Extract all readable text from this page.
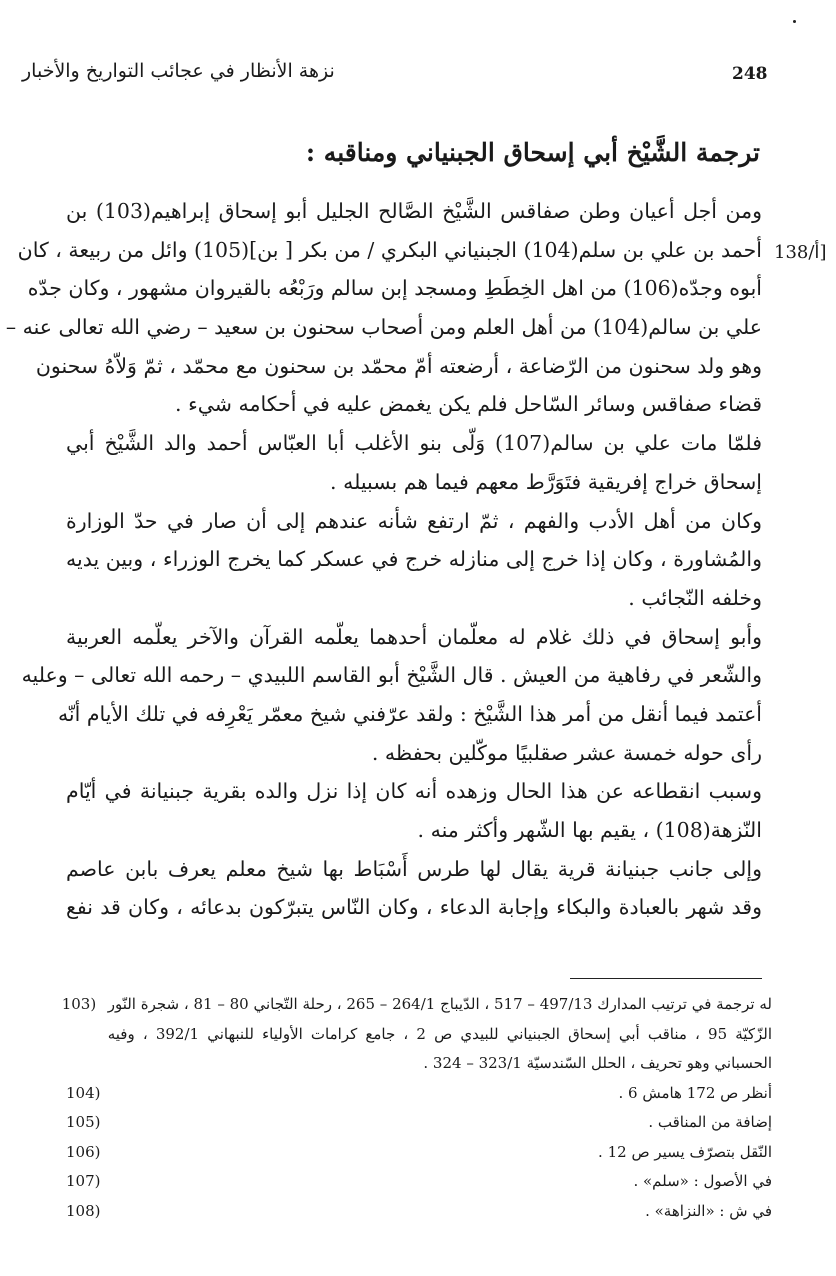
نزهة الأنظار في عجائب التواريخ والأخبار	248
ترجمة الشَّيْخ أبي إسحاق الجبنياني ومناقبه :
138/أ]
ومن أجل أعيان وطن صفاقس الشَّيْخ الصَّالح الجليل أبو إسحاق إبراهيم(103) بن
أحمد بن علي بن سلم(104) الجبنياني البكري / من بكر [ بن](105) وائل من ربيعة ، كان
أبوه وجدّه(106) من اهل الخِطَطِ ومسجد إبن سالم ورَبْعُه بالقيروان مشهور ، وكان جدّه
علي بن سالم(104) من أهل العلم ومن أصحاب سحنون بن سعيد – رضي الله تعالى عنه –
وهو ولد سحنون من الرّضاعة ، أرضعته أمّ محمّد بن سحنون مع محمّد ، ثمّ وَلاّهُ سحنون
قضاء صفاقس وسائر السّاحل فلم يكن يغمض عليه في أحكامه شيء .
فلمّا مات علي بن سالم(107) وَلّى بنو الأغلب أبا العبّاس أحمد والد الشَّيْخ أبي
إسحاق خراج إفريقية فتَوَرَّط معهم فيما هم بسبيله .
وكان من أهل الأدب والفهم ، ثمّ ارتفع شأنه عندهم إلى أن صار في حدّ الوزارة
والمُشاورة ، وكان إذا خرج إلى منازله خرج في عسكر كما يخرج الوزراء ، وبين يديه
وخلفه النّجائب .
وأبو إسحاق في ذلك غلام له معلّمان أحدهما يعلّمه القرآن والآخر يعلّمه العربية
والشّعر في رفاهية من العيش . قال الشَّيْخ أبو القاسم اللبيدي – رحمه الله تعالى – وعليه
أعتمد فيما أنقل من أمر هذا الشَّيْخ : ولقد عرّفني شيخ معمّر يَعْرِفه في تلك الأيام أنّه
رأى حوله خمسة عشر صقلبيًا موكّلين بحفظه .
وسبب انقطاعه عن هذا الحال وزهده أنه كان إذا نزل والده بقرية جبنيانة في أيّام
النّزهة(108) ، يقيم بها الشّهر وأكثر منه .
وإلى جانب جبنيانة قرية يقال لها طرس أَسْبَاط بها شيخ معلم يعرف بابن عاصم
وقد شهر بالعبادة والبكاء وإجابة الدعاء ، وكان النّاس يتبرّكون بدعائه ، وكان قد نفع
له ترجمة في ترتيب المدارك 497/13 – 517 ، الدّيباج 264/1 – 265 ، رحلة التّجاني 80 – 81 ، شجرة النّور
الزّكيّة 95 ، مناقب أبي إسحاق الجبنياني للبيدي ص 2 ، جامع كرامات الأولياء للنبهاني 392/1 ، وفيه
الحسباني وهو تحريف ، الحلل السّندسيّة 323/1 – 324 .
103)
أنظر ص 172 هامش 6 .
104)
إضافة من المناقب .
105)
النّقل بتصرّف يسير ص 12 .
106)
في الأصول : «سلم» .
107)
في ش : «النزاهة» .
108)
